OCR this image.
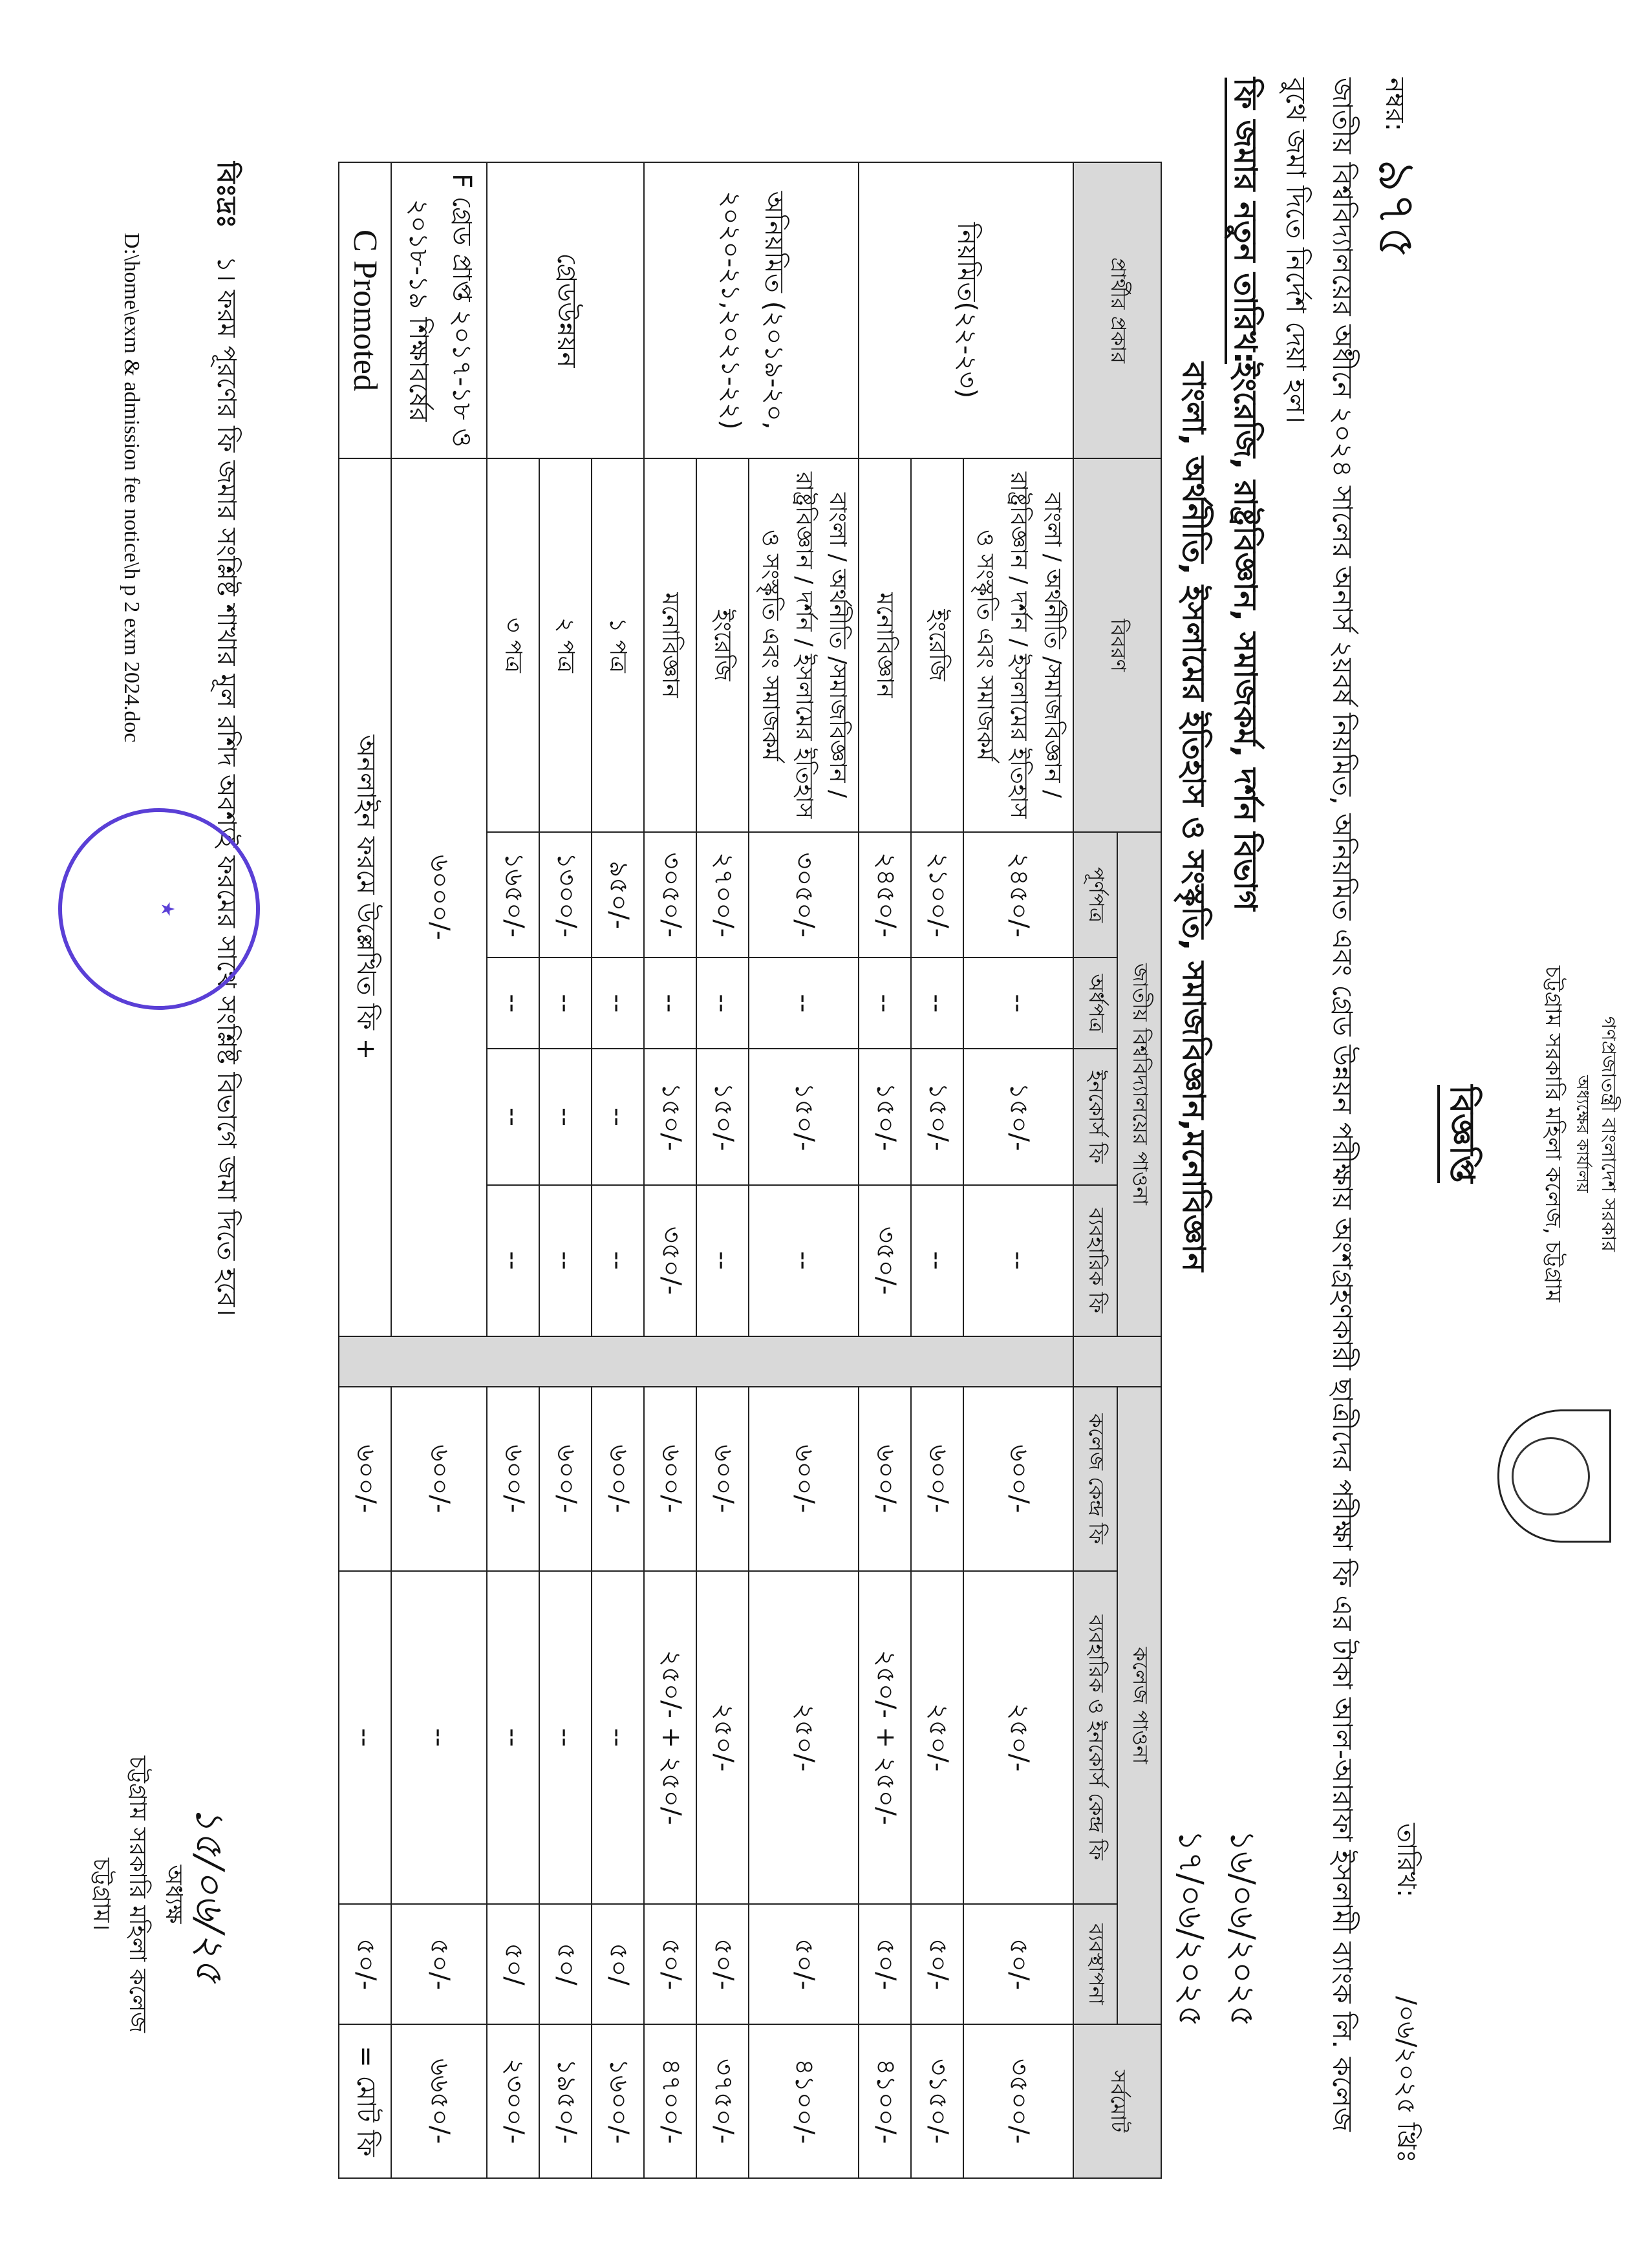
গণপ্রজাতন্ত্রী বাংলাদেশ সরকার
অধ্যক্ষের কার্যালয়
চট্টগ্রাম সরকারি মহিলা কলেজ, চট্টগ্রাম
বিজ্ঞপ্তি
নম্বর: ৯৭৫
তারিখ: /০৬/২০২৫ খ্রিঃ
জাতীয় বিশ্ববিদ্যালয়ের অধীনে ২০২৪ সালের অনার্স ২য়বর্ষ নিয়মিত, অনিয়মিত এবং গ্রেড উন্নয়ন পরীক্ষায় অংশগ্রহণকারী ছাত্রীদের পরীক্ষা ফি এর টাকা আল-আরাফা ইসলামী ব্যাংক লি. কলেজ বুথে জমা দিতে নির্দেশ দেয়া হল।
ফি জমার নতুন তারিখ:
ইংরেজি, রাষ্ট্রবিজ্ঞান, সমাজকর্ম, দর্শন বিভাগ
১৬/০৬/২০২৫
বাংলা, অর্থনীতি, ইসলামের ইতিহাস ও সংস্কৃতি, সমাজবিজ্ঞান,মনোবিজ্ঞান
১৭/০৬/২০২৫
প্রার্থীর প্রকার	বিবরণ	জাতীয় বিশ্ববিদ্যালয়ের পাওনা					কলেজ পাওনা			সর্বমোট
		পূর্ণপত্র	অর্ধপত্র	ইনকোর্স ফি	ব্যবহারিক ফি		কলেজ কেন্দ্র ফি	ব্যবহারিক ও ইনকোর্স কেন্দ্র ফি	ব্যবস্থাপনা	
নিয়মিত(২২-২৩)	বাংলা / অর্থনীতি /সমাজবিজ্ঞান / রাষ্ট্রবিজ্ঞান / দর্শন / ইসলামের ইতিহাস ও সংস্কৃতি এবং সমাজকর্ম	২৪৫০/-	--	১৫০/-	--		৬০০/-	২৫০/-	৫০/-	৩৫০০/-
	ইংরেজি	২১০০/-	--	১৫০/-	--		৬০০/-	২৫০/-	৫০/-	৩১৫০/-
	মনোবিজ্ঞান	২৪৫০/-	--	১৫০/-	৩৫০/-		৬০০/-	২৫০/- + ২৫০/-	৫০/-	৪১০০/-
অনিয়মিত (২০১৯-২০, ২০২০-২১,২০২১-২২)	বাংলা / অর্থনীতি /সমাজবিজ্ঞান / রাষ্ট্রবিজ্ঞান / দর্শন / ইসলামের ইতিহাস ও সংস্কৃতি এবং সমাজকর্ম	৩০৫০/-	--	১৫০/-	--		৬০০/-	২৫০/-	৫০/-	৪১০০/-
	ইংরেজি	২৭০০/-	--	১৫০/-	--		৬০০/-	২৫০/-	৫০/-	৩৭৫০/-
	মনোবিজ্ঞান	৩০৫০/-	--	১৫০/-	৩৫০/-		৬০০/-	২৫০/- + ২৫০/-	৫০/-	৪৭০০/-
গ্রেডউন্নয়ন	১ পত্র	৯৫০/-	--	--	--		৬০০/-	--	৫০/	১৬০০/-
	২ পত্র	১৩০০/-	--	--	--		৬০০/-	--	৫০/	১৯৫০/-
	৩ পত্র	১৬৫০/-	--	--	--		৬০০/-	--	৫০/	২৩০০/-
F গ্রেড প্রাপ্ত ২০১৭-১৮ ও ২০১৮-১৯ শিক্ষাবর্ষের	৬০০০/-						৬০০/-	--	৫০/-	৬৬৫০/-
C Promoted	অনলাইন ফরমে উল্লেখিত ফি +						৬০০/-	--	৫০/-	= মোট ফি
বিঃদ্রঃ ১। ফরম পূরণের ফি জমার সংশ্লিষ্ট শাখার মূল রশিদ অবশ্যই ফরমের সাথে সংশ্লিষ্ট বিভাগে জমা দিতে হবে।
D:\home\exm & admission fee notice\h p 2 exm 2024.doc
★
১৫/০৬/২৫
অধ্যক্ষ
চট্টগ্রাম সরকারি মহিলা কলেজ
চট্টগ্রাম।
